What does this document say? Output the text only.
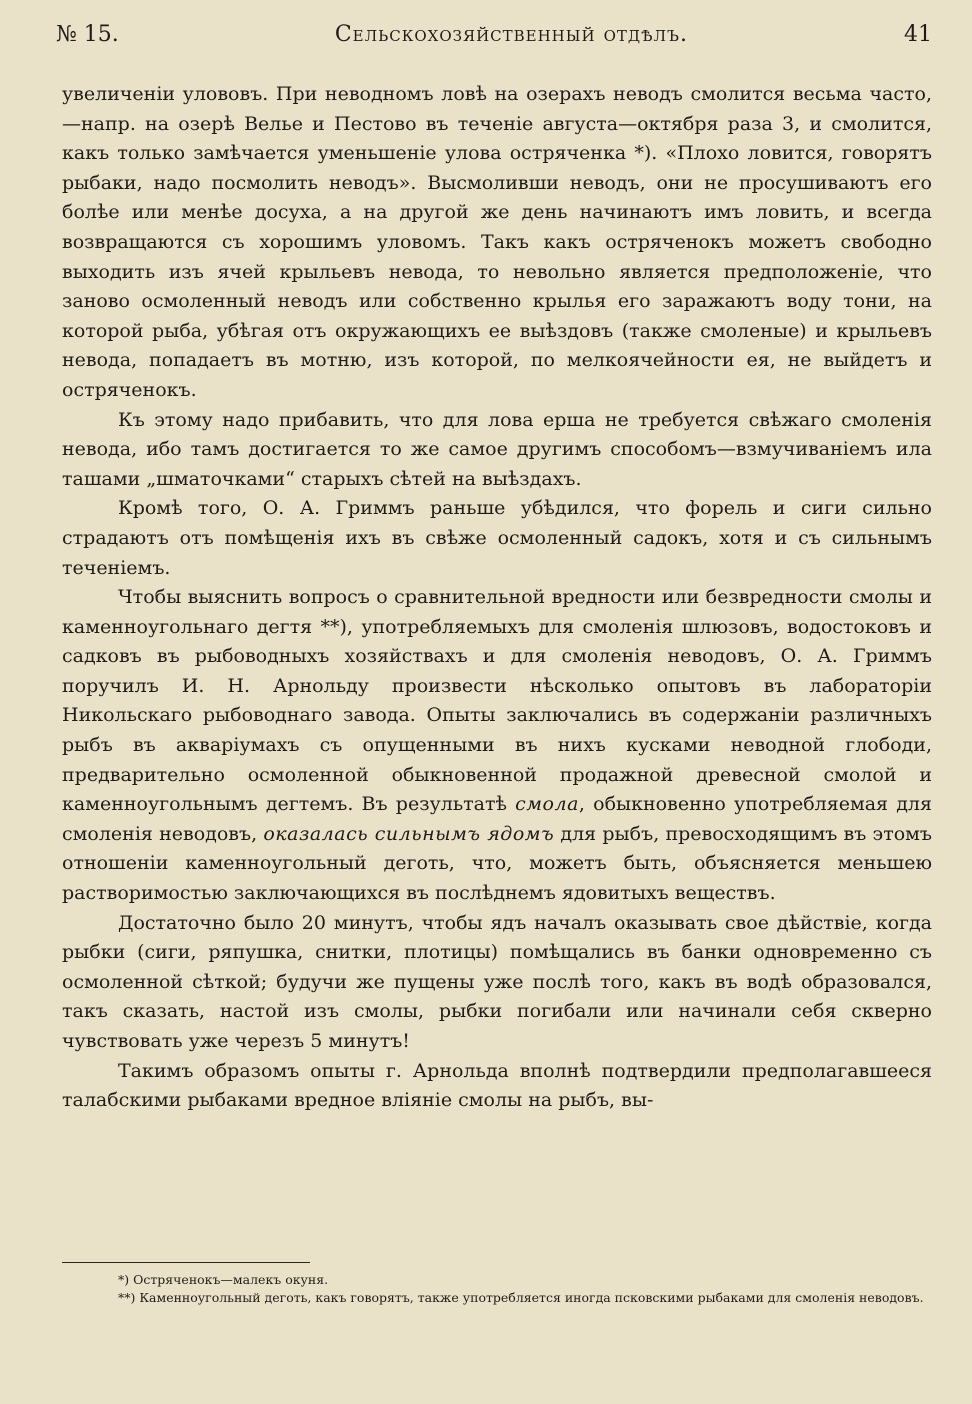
№ 15.	Сельскохозяйственный отдѣлъ.	41

увеличенiи улововъ. При неводномъ ловѣ на озерахъ неводъ смолится весьма часто,—напр. на озерѣ Велье и Пестово въ теченiе августа—октября раза 3, и смолится, какъ только замѣчается уменьшенiе улова остряченка *). «Плохо ловится, говорятъ рыбаки, надо посмолить неводъ». Высмоливши неводъ, они не просушиваютъ его болѣе или менѣе досуха, а на другой же день начинаютъ имъ ловить, и всегда возвращаются съ хорошимъ уловомъ. Такъ какъ остряченокъ можетъ свободно выходить изъ ячей крыльевъ невода, то невольно является предположенiе, что заново осмоленный неводъ или собственно крылья его заражаютъ воду тони, на которой рыба, убѣгая отъ окружающихъ ее выѣздовъ (также смоленые) и крыльевъ невода, попадаетъ въ мотню, изъ которой, по мелкоячейности ея, не выйдетъ и остряченокъ.

Къ этому надо прибавить, что для лова ерша не требуется свѣжаго смоленiя невода, ибо тамъ достигается то же самое другимъ способомъ—взмучиванiемъ ила ташами „шматочками“ старыхъ сѣтей на выѣздахъ.

Кромѣ того, О. А. Гриммъ раньше убѣдился, что форель и сиги сильно страдаютъ отъ помѣщенiя ихъ въ свѣже осмоленный садокъ, хотя и съ сильнымъ теченiемъ.

Чтобы выяснить вопросъ о сравнительной вредности или безвредности смолы и каменноугольнаго дегтя **), употребляемыхъ для смоленiя шлюзовъ, водостоковъ и садковъ въ рыбоводныхъ хозяйствахъ и для смоленiя неводовъ, О. А. Гриммъ поручилъ И. Н. Арнольду произвести нѣсколько опытовъ въ лабораторiи Никольскаго рыбоводнаго завода. Опыты заключались въ содержанiи различныхъ рыбъ въ акварiумахъ съ опущенными въ нихъ кусками неводной глободи, предварительно осмоленной обыкновенной продажной древесной смолой и каменноугольнымъ дегтемъ. Въ результатѣ смола, обыкновенно употребляемая для смоленiя неводовъ, оказалась сильнымъ ядомъ для рыбъ, превосходящимъ въ этомъ отношенiи каменноугольный деготь, что, можетъ быть, объясняется меньшею растворимостью заключающихся въ послѣднемъ ядовитыхъ веществъ.

Достаточно было 20 минутъ, чтобы ядъ началъ оказывать свое дѣйствiе, когда рыбки (сиги, ряпушка, снитки, плотицы) помѣщались въ банки одновременно съ осмоленной сѣткой; будучи же пущены уже послѣ того, какъ въ водѣ образовался, такъ сказать, настой изъ смолы, рыбки погибали или начинали себя скверно чувствовать уже черезъ 5 минутъ!

Такимъ образомъ опыты г. Арнольда вполнѣ подтвердили предполагавшееся талабскими рыбаками вредное влiянiе смолы на рыбъ, вы-

*) Остряченокъ—малекъ окуня.

**) Каменноугольный деготь, какъ говорятъ, также употребляется иногда псковскими рыбаками для смоленiя неводовъ.
